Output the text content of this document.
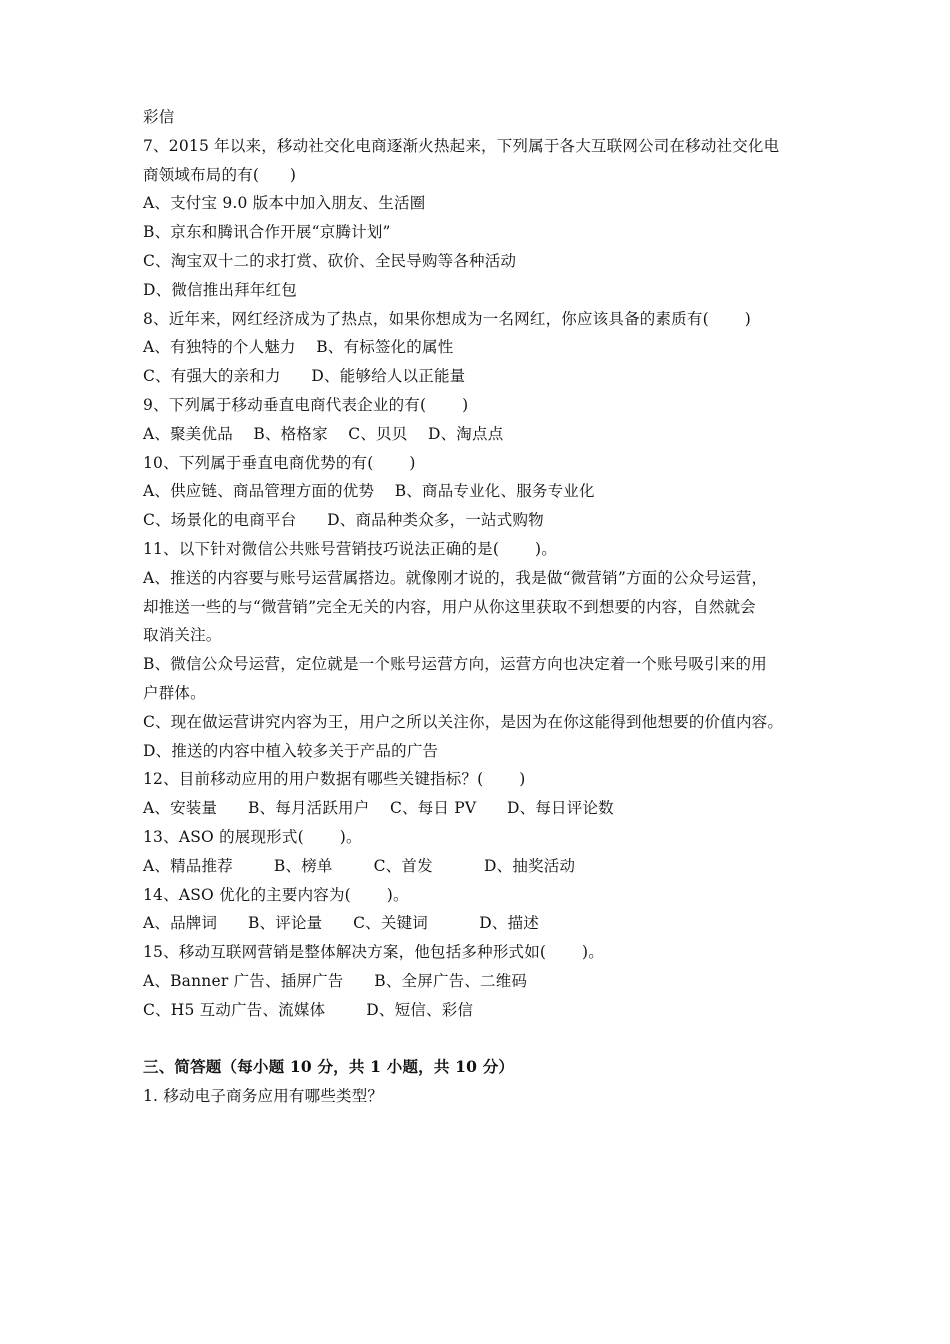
彩信
7、2015 年以来，移动社交化电商逐渐火热起来，下列属于各大互联网公司在移动社交化电
商领域布局的有(      )
A、支付宝 9.0 版本中加入朋友、生活圈
B、京东和腾讯合作开展“京腾计划”
C、淘宝双十二的求打赏、砍价、全民导购等各种活动
D、微信推出拜年红包
8、近年来，网红经济成为了热点，如果你想成为一名网红，你应该具备的素质有(       )
A、有独特的个人魅力    B、有标签化的属性
C、有强大的亲和力      D、能够给人以正能量
9、下列属于移动垂直电商代表企业的有(       )
A、聚美优品    B、格格家    C、贝贝    D、淘点点
10、下列属于垂直电商优势的有(       )
A、供应链、商品管理方面的优势    B、商品专业化、服务专业化
C、场景化的电商平台      D、商品种类众多，一站式购物
11、以下针对微信公共账号营销技巧说法正确的是(       )。
A、推送的内容要与账号运营属搭边。就像刚才说的，我是做“微营销”方面的公众号运营，
却推送一些的与“微营销”完全无关的内容，用户从你这里获取不到想要的内容，自然就会
取消关注。
B、微信公众号运营，定位就是一个账号运营方向，运营方向也决定着一个账号吸引来的用
户群体。
C、现在做运营讲究内容为王，用户之所以关注你，是因为在你这能得到他想要的价值内容。
D、推送的内容中植入较多关于产品的广告
12、目前移动应用的用户数据有哪些关键指标？(       )
A、安装量      B、每月活跃用户    C、每日 PV      D、每日评论数
13、ASO 的展现形式(       )。
A、精品推荐        B、榜单        C、首发          D、抽奖活动
14、ASO 优化的主要内容为(       )。
A、品牌词      B、评论量      C、关键词          D、描述
15、移动互联网营销是整体解决方案，他包括多种形式如(       )。
A、Banner 广告、插屏广告      B、全屏广告、二维码
C、H5 互动广告、流媒体        D、短信、彩信
三、简答题（每小题 10 分，共 1 小题，共 10 分）
1. 移动电子商务应用有哪些类型？
